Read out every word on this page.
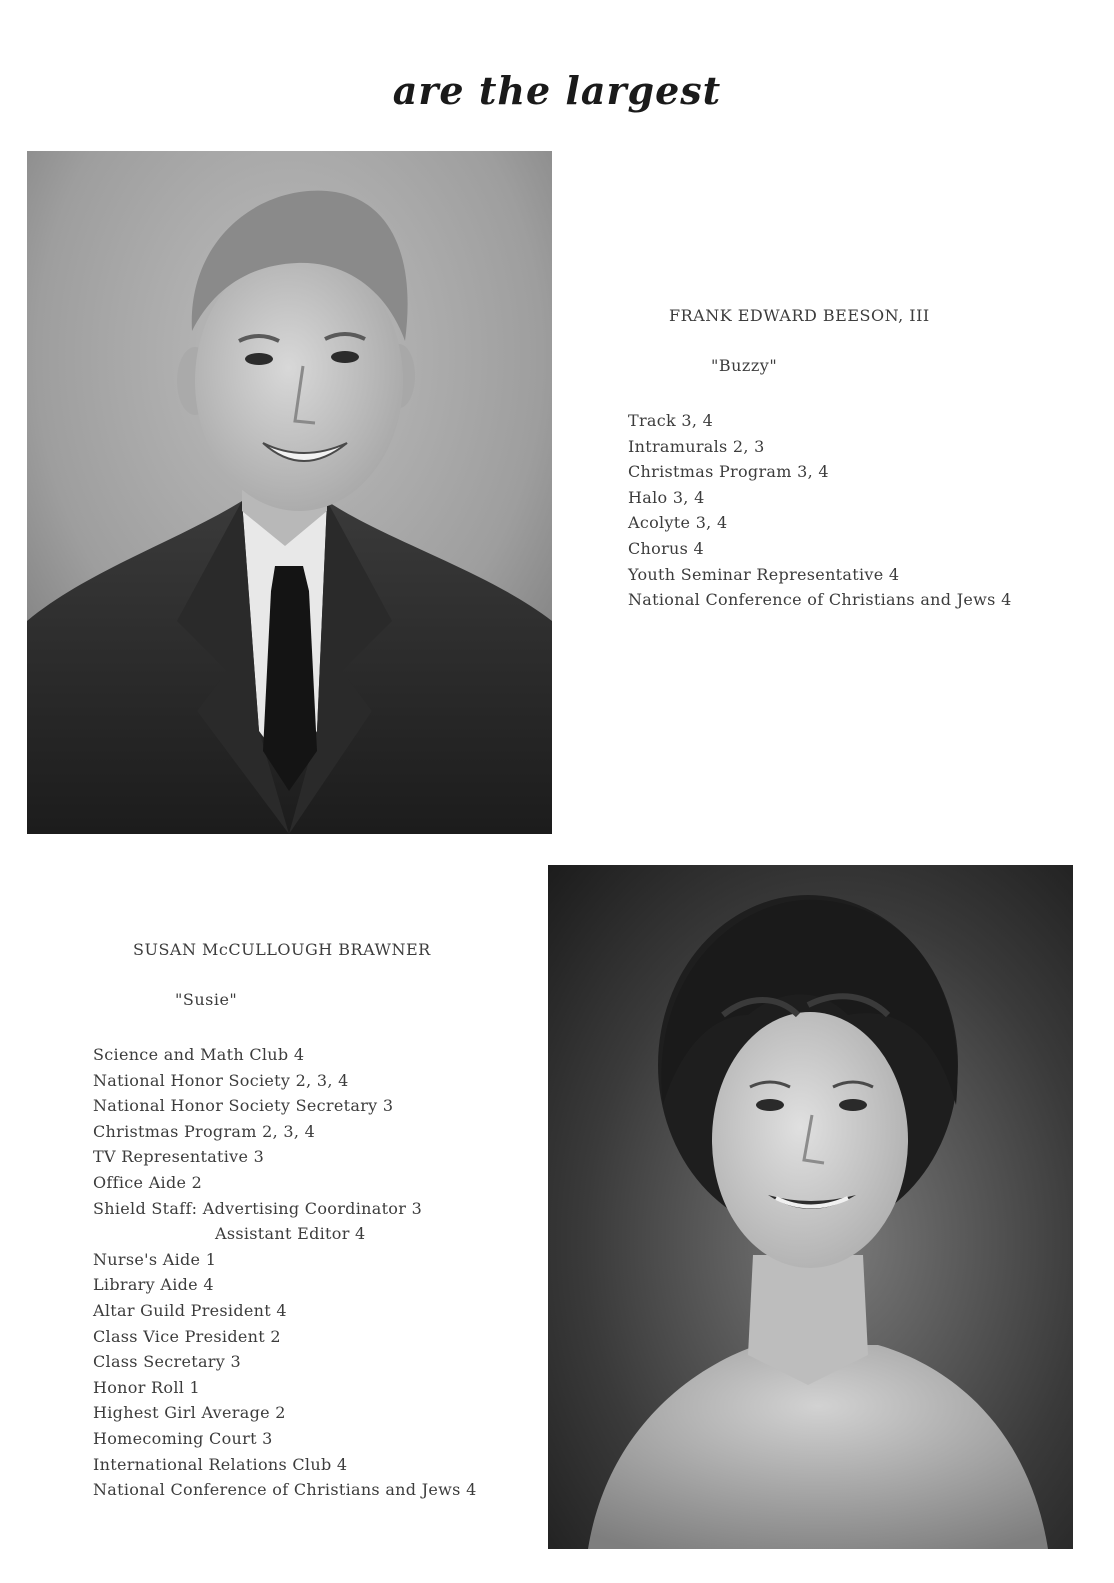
are the largest
FRANK EDWARD BEESON, III
"Buzzy"
Track 3, 4
Intramurals 2, 3
Christmas Program 3, 4
Halo 3, 4
Acolyte 3, 4
Chorus 4
Youth Seminar Representative 4
National Conference of Christians and Jews 4
SUSAN McCULLOUGH BRAWNER
"Susie"
Science and Math Club 4
National Honor Society 2, 3, 4
National Honor Society Secretary 3
Christmas Program 2, 3, 4
TV Representative 3
Office Aide 2
Shield Staff: Advertising Coordinator 3
Assistant Editor 4
Nurse's Aide 1
Library Aide 4
Altar Guild President 4
Class Vice President 2
Class Secretary 3
Honor Roll 1
Highest Girl Average 2
Homecoming Court 3
International Relations Club 4
National Conference of Christians and Jews 4
